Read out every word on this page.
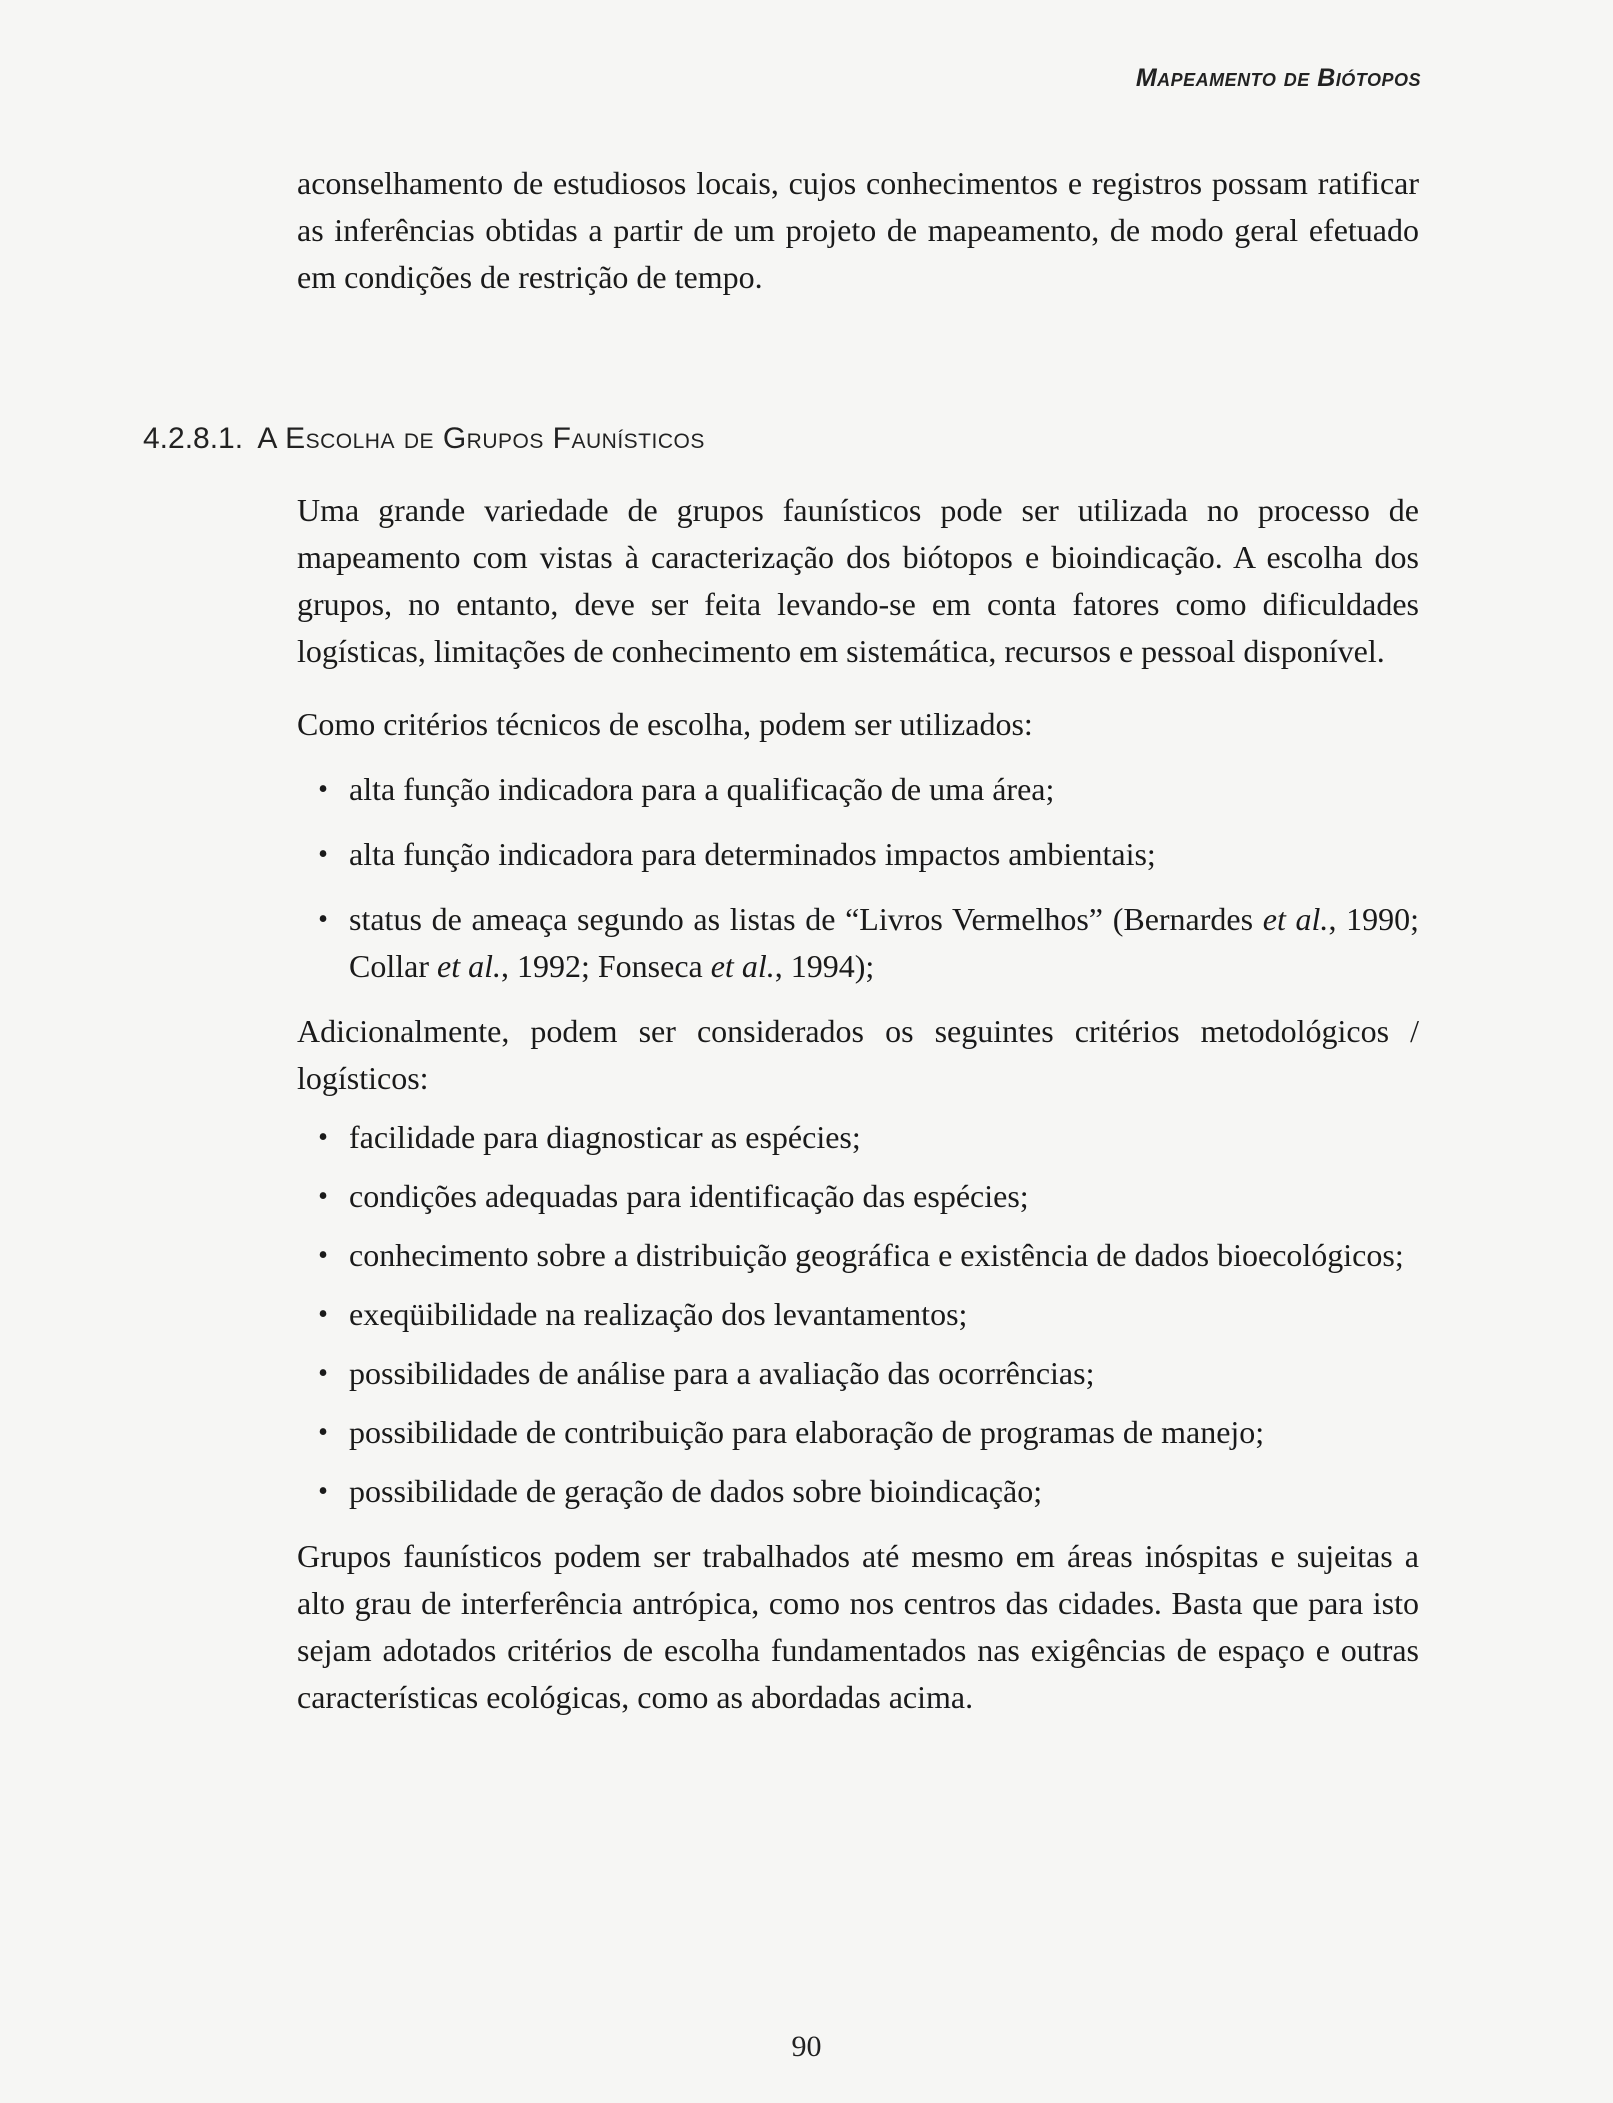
Mapeamento de Biótopos
4.2.8.1. A Escolha de Grupos Faunísticos

aconselhamento de estudiosos locais, cujos conhecimentos e registros possam ratificar as inferências obtidas a partir de um projeto de mapeamento, de modo geral efetuado em condições de restrição de tempo.

Uma grande variedade de grupos faunísticos pode ser utilizada no processo de mapeamento com vistas à caracterização dos biótopos e bioindicação. A escolha dos grupos, no entanto, deve ser feita levando-se em conta fatores como dificuldades logísticas, limitações de conhecimento em sistemática, recursos e pessoal disponível.

Como critérios técnicos de escolha, podem ser utilizados:

• alta função indicadora para a qualificação de uma área;
• alta função indicadora para determinados impactos ambientais;
• status de ameaça segundo as listas de “Livros Vermelhos” (Bernardes et al., 1990; Collar et al., 1992; Fonseca et al., 1994);

Adicionalmente, podem ser considerados os seguintes critérios metodológicos / logísticos:

• facilidade para diagnosticar as espécies;
• condições adequadas para identificação das espécies;
• conhecimento sobre a distribuição geográfica e existência de dados bioecológicos;
• exeqüibilidade na realização dos levantamentos;
• possibilidades de análise para a avaliação das ocorrências;
• possibilidade de contribuição para elaboração de programas de manejo;
• possibilidade de geração de dados sobre bioindicação;

Grupos faunísticos podem ser trabalhados até mesmo em áreas inóspitas e sujeitas a alto grau de interferência antrópica, como nos centros das cidades. Basta que para isto sejam adotados critérios de escolha fundamentados nas exigências de espaço e outras características ecológicas, como as abordadas acima.

90
